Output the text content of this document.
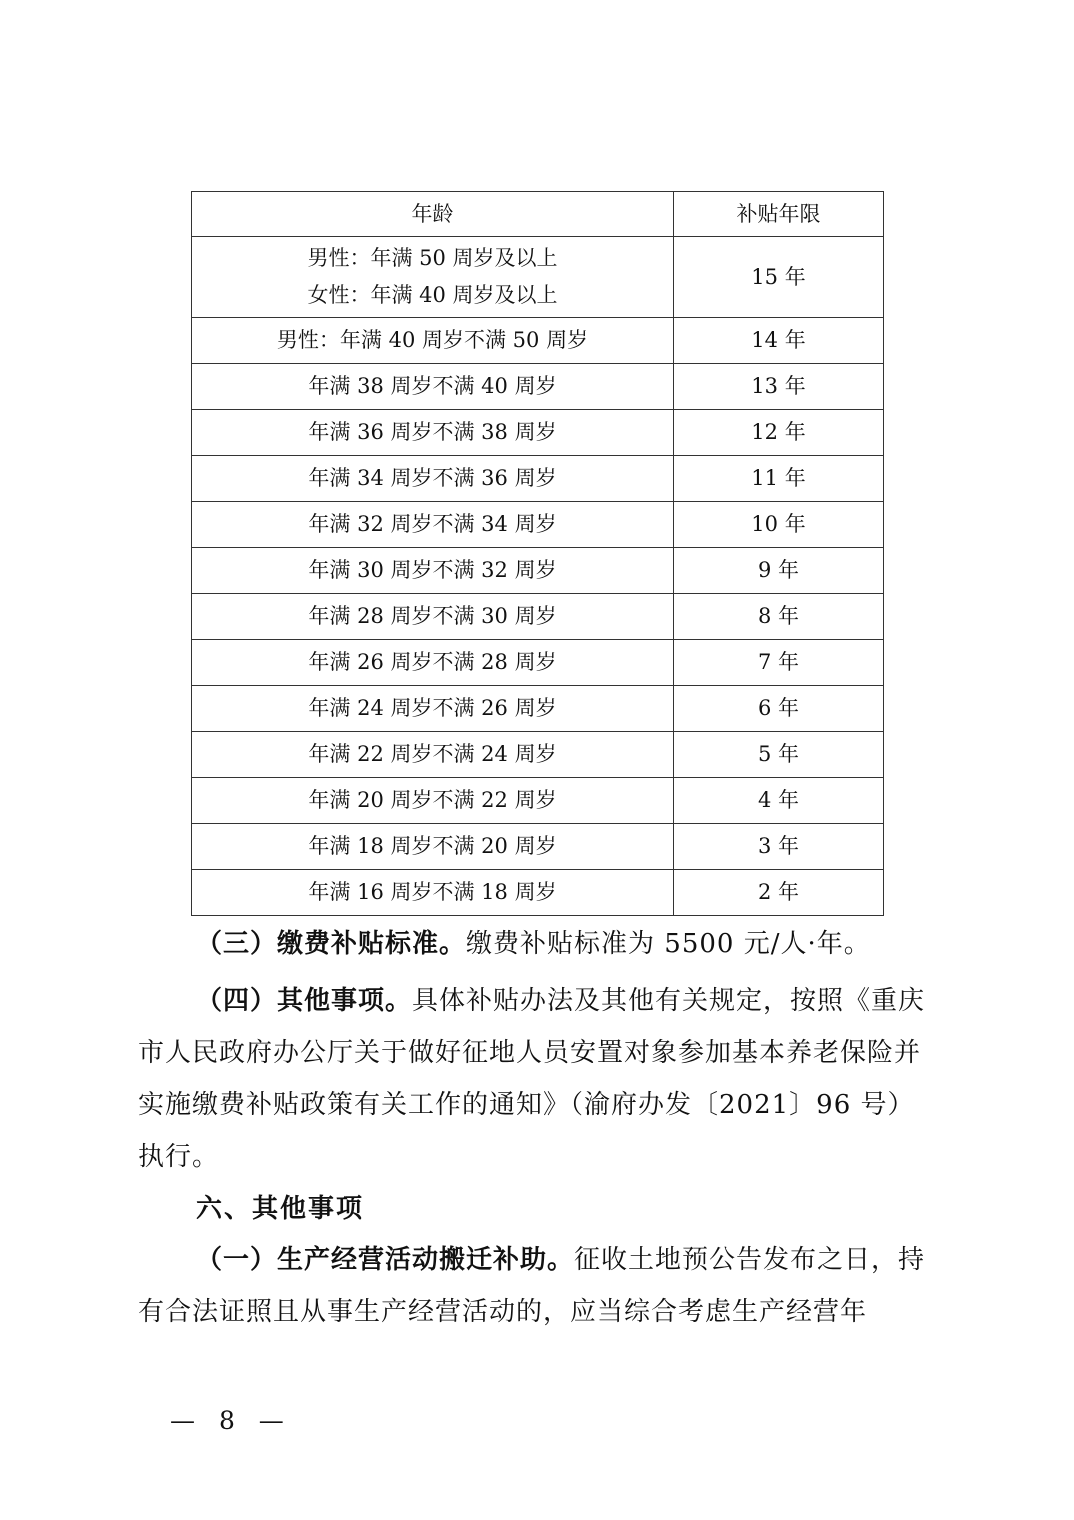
年龄	补贴年限

男性：年满 50 周岁及以上
女性：年满 40 周岁及以上	15 年
男性：年满 40 周岁不满 50 周岁	14 年
年满 38 周岁不满 40 周岁	13 年
年满 36 周岁不满 38 周岁	12 年
年满 34 周岁不满 36 周岁	11 年
年满 32 周岁不满 34 周岁	10 年
年满 30 周岁不满 32 周岁	9 年
年满 28 周岁不满 30 周岁	8 年
年满 26 周岁不满 28 周岁	7 年
年满 24 周岁不满 26 周岁	6 年
年满 22 周岁不满 24 周岁	5 年
年满 20 周岁不满 22 周岁	4 年
年满 18 周岁不满 20 周岁	3 年
年满 16 周岁不满 18 周岁	2 年
（三）缴费补贴标准。缴费补贴标准为 5500 元/人·年。
（四）其他事项。具体补贴办法及其他有关规定，按照《重庆市人民政府办公厅关于做好征地人员安置对象参加基本养老保险并实施缴费补贴政策有关工作的通知》（渝府办发〔2021〕96 号）执行。
六、其他事项
（一）生产经营活动搬迁补助。征收土地预公告发布之日，持有合法证照且从事生产经营活动的，应当综合考虑生产经营年
— 8 —
